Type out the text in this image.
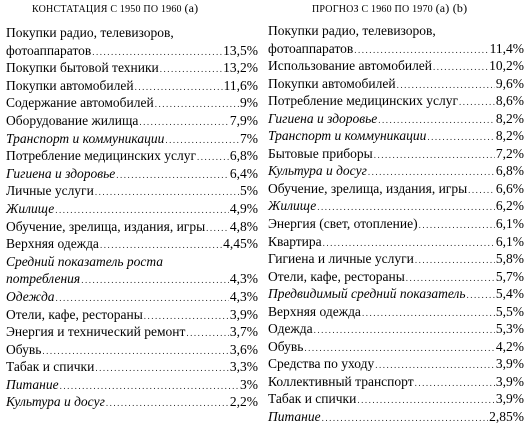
КОНСТАТАЦИЯ С 1950 ПО 1960 (a)
Покупки радио, телевизоров,
фотоаппаратов .....	13,5%
Покупки бытовой техники .....	13,2%
Покупки автомобилей .....	11,6%
Содержание автомобилей .....	9%
Оборудование жилища .....	7,9%
Транспорт и коммуникации .....	7%
Потребление медицинских услуг .....	6,8%
Гигиена и здоровье .....	6,4%
Личные услуги .....	5%
Жилище .....	4,9%
Обучение, зрелища, издания, игры ..... 4,8%
Верхняя одежда .....	4,45%
Средний показатель роста
потребления .....	4,3%
Одежда .....	4,3%
Отели, кафе, рестораны .....	3,9%
Энергия и технический ремонт .....	3,7%
Обувь .....	3,6%
Табак и спички .....	3,3%
Питание .....	3%
Культура и досуг .....	2,2%
ПРОГНОЗ С 1960 ПО 1970 (a) (b)
Покупки радио, телевизоров,
фотоаппаратов .....	11,4%
Использование автомобилей .....	10,2%
Покупки автомобилей .....	9,6%
Потребление медицинских услуг .....	8,6%
Гигиена и здоровье .....	8,2%
Транспорт и коммуникации .....	8,2%
Бытовые приборы .....	7,2%
Культура и досуг .....	6,8%
Обучение, зрелища, издания, игры ..... 6,6%
Жилище .....	6,2%
Энергия (свет, отопление) .....	6,1%
Квартира .....	6,1%
Гигиена и личные услуги .....	5,8%
Отели, кафе, рестораны .....	5,7%
Предвидимый средний показатель ..... 5,4%
Верхняя одежда .....	5,5%
Одежда .....	5,3%
Обувь .....	4,2%
Средства по уходу .....	3,9%
Коллективный транспорт .....	3,9%
Табак и спички .....	3,9%
Питание .....	2,85%
